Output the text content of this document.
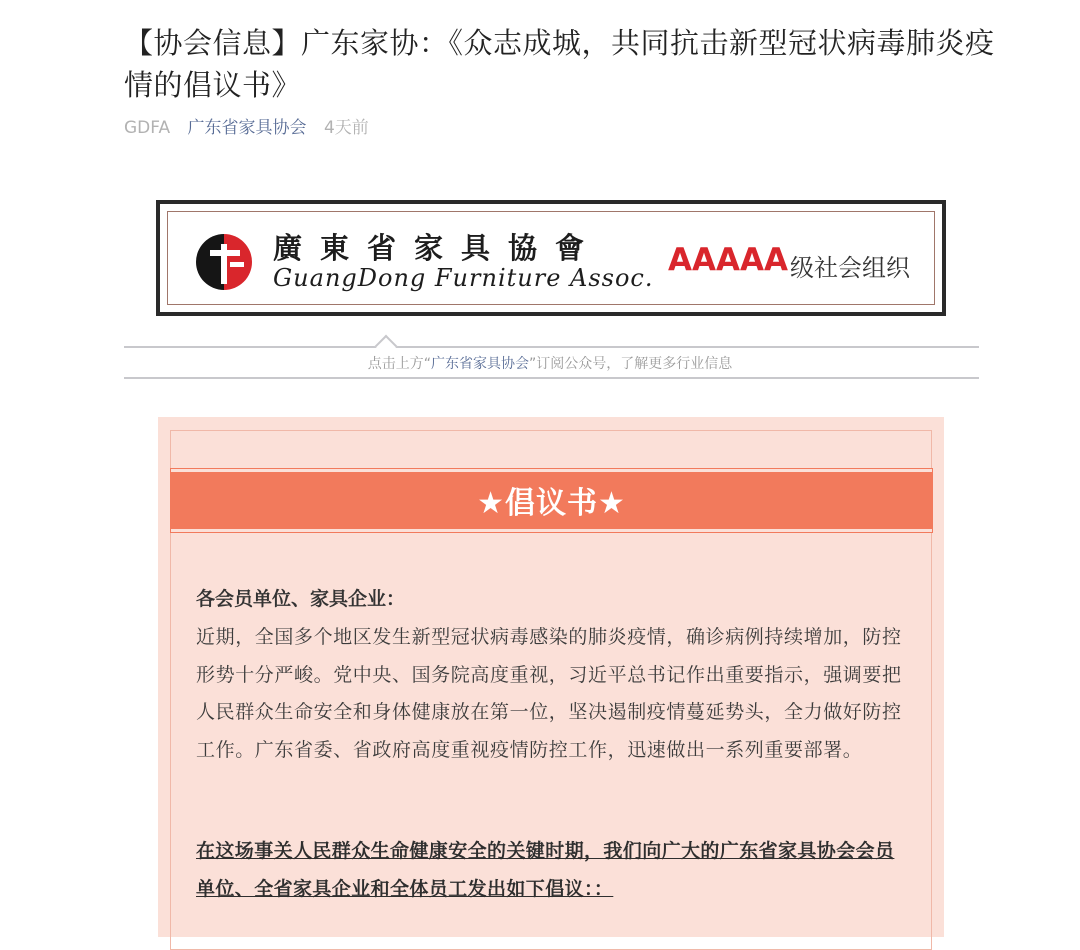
【协会信息】广东家协：《众志成城，共同抗击新型冠状病毒肺炎疫情的倡议书》
GDFA 广东省家具协会 4天前
廣東省家具協會
GuangDong Furniture Assoc. AAAAA 级社会组织
点击上方“广东省家具协会”订阅公众号，了解更多行业信息
★倡议书★
各会员单位、家具企业：

近期，全国多个地区发生新型冠状病毒感染的肺炎疫情，确诊病例持续增加，防控形势十分严峻。党中央、国务院高度重视，习近平总书记作出重要指示，强调要把人民群众生命安全和身体健康放在第一位，坚决遏制疫情蔓延势头，全力做好防控工作。广东省委、省政府高度重视疫情防控工作，迅速做出一系列重要部署。

在这场事关人民群众生命健康安全的关键时期，我们向广大的广东省家具协会会员单位、全省家具企业和全体员工发出如下倡议：：
